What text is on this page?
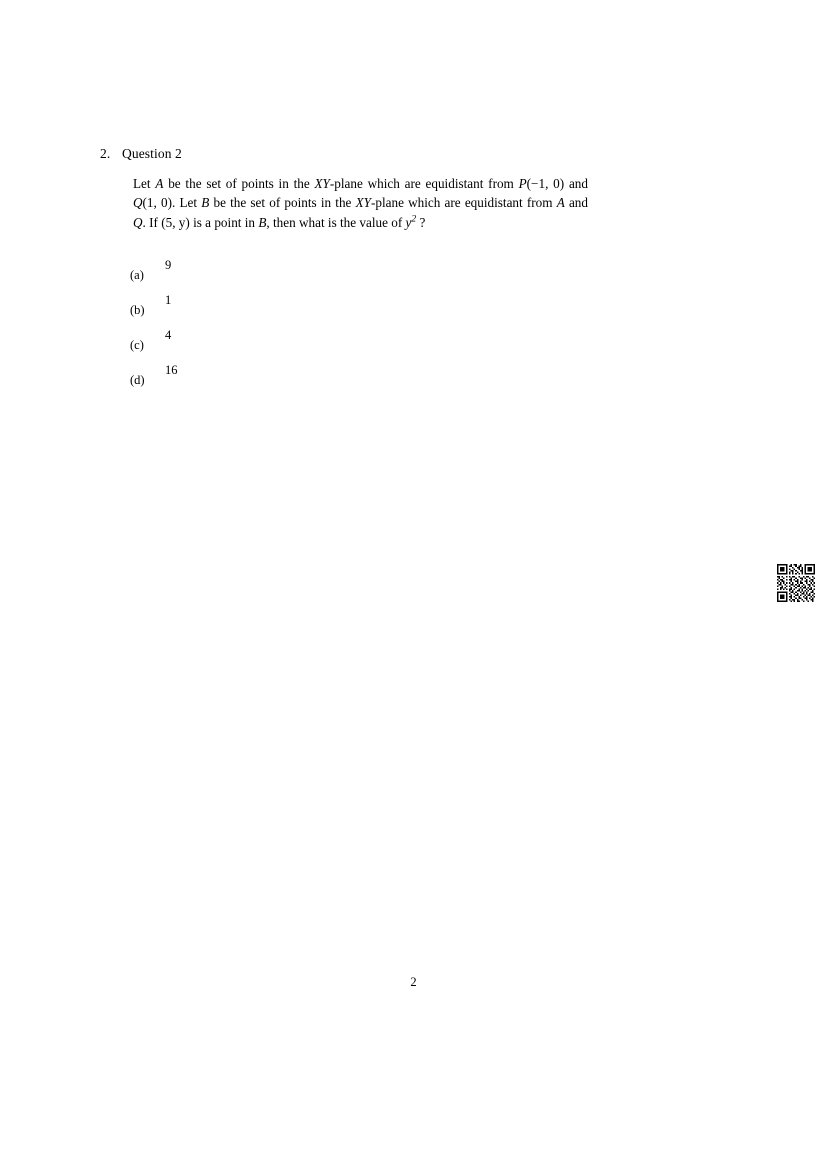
2. Question 2
Let A be the set of points in the XY-plane which are equidistant from P(−1, 0) and Q(1, 0). Let B be the set of points in the XY-plane which are equidistant from A and Q. If (5, y) is a point in B, then what is the value of $y^2$ ?
(a)
9
(b)
1
(c)
4
(d)
16
2
